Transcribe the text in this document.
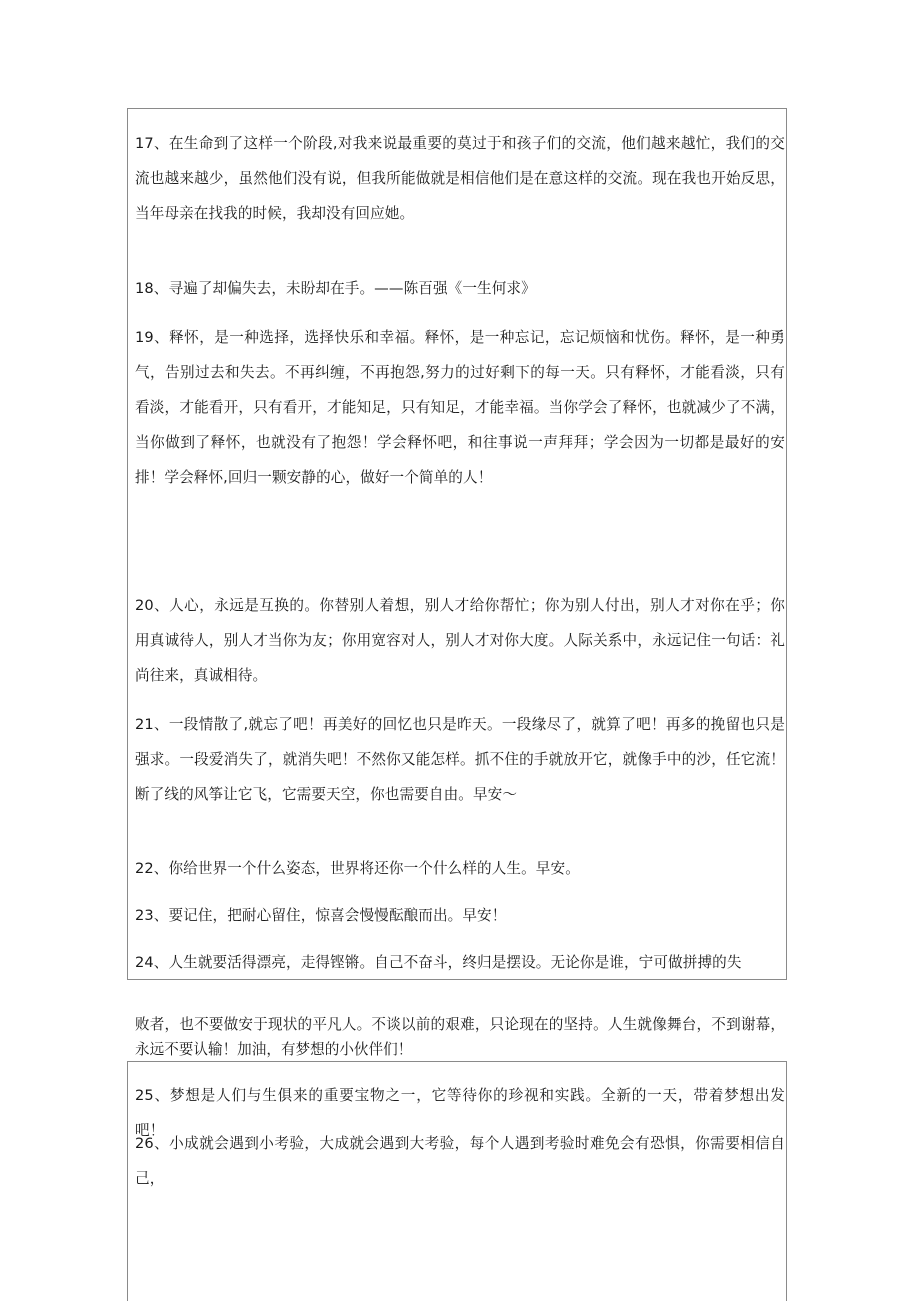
17、在生命到了这样一个阶段,对我来说最重要的莫过于和孩子们的交流，他们越来越忙，我们的交流也越来越少，虽然他们没有说，但我所能做就是相信他们是在意这样的交流。现在我也开始反思，当年母亲在找我的时候，我却没有回应她。

18、寻遍了却偏失去，未盼却在手。——陈百强《一生何求》

19、释怀，是一种选择，选择快乐和幸福。释怀，是一种忘记，忘记烦恼和忧伤。释怀，是一种勇气，告别过去和失去。不再纠缠，不再抱怨,努力的过好剩下的每一天。只有释怀，才能看淡，只有看淡，才能看开，只有看开，才能知足，只有知足，才能幸福。当你学会了释怀，也就减少了不满，当你做到了释怀，也就没有了抱怨！学会释怀吧，和往事说一声拜拜；学会因为一切都是最好的安排！学会释怀,回归一颗安静的心，做好一个简单的人！

20、人心，永远是互换的。你替别人着想，别人才给你帮忙；你为别人付出，别人才对你在乎；你用真诚待人，别人才当你为友；你用宽容对人，别人才对你大度。人际关系中，永远记住一句话：礼尚往来，真诚相待。

21、一段情散了,就忘了吧！再美好的回忆也只是昨天。一段缘尽了，就算了吧！再多的挽留也只是强求。一段爱消失了，就消失吧！不然你又能怎样。抓不住的手就放开它，就像手中的沙，任它流！断了线的风筝让它飞，它需要天空，你也需要自由。早安〜

22、你给世界一个什么姿态，世界将还你一个什么样的人生。早安。

23、要记住，把耐心留住，惊喜会慢慢酝酿而出。早安！

24、人生就要活得漂亮，走得铿锵。自己不奋斗，终归是摆设。无论你是谁，宁可做拼搏的失

败者，也不要做安于现状的平凡人。不谈以前的艰难，只论现在的坚持。人生就像舞台，不到谢幕，永远不要认输！加油，有梦想的小伙伴们！

25、梦想是人们与生俱来的重要宝物之一，它等待你的珍视和实践。全新的一天，带着梦想出发吧！

26、小成就会遇到小考验，大成就会遇到大考验，每个人遇到考验时难免会有恐惧，你需要相信自己，
